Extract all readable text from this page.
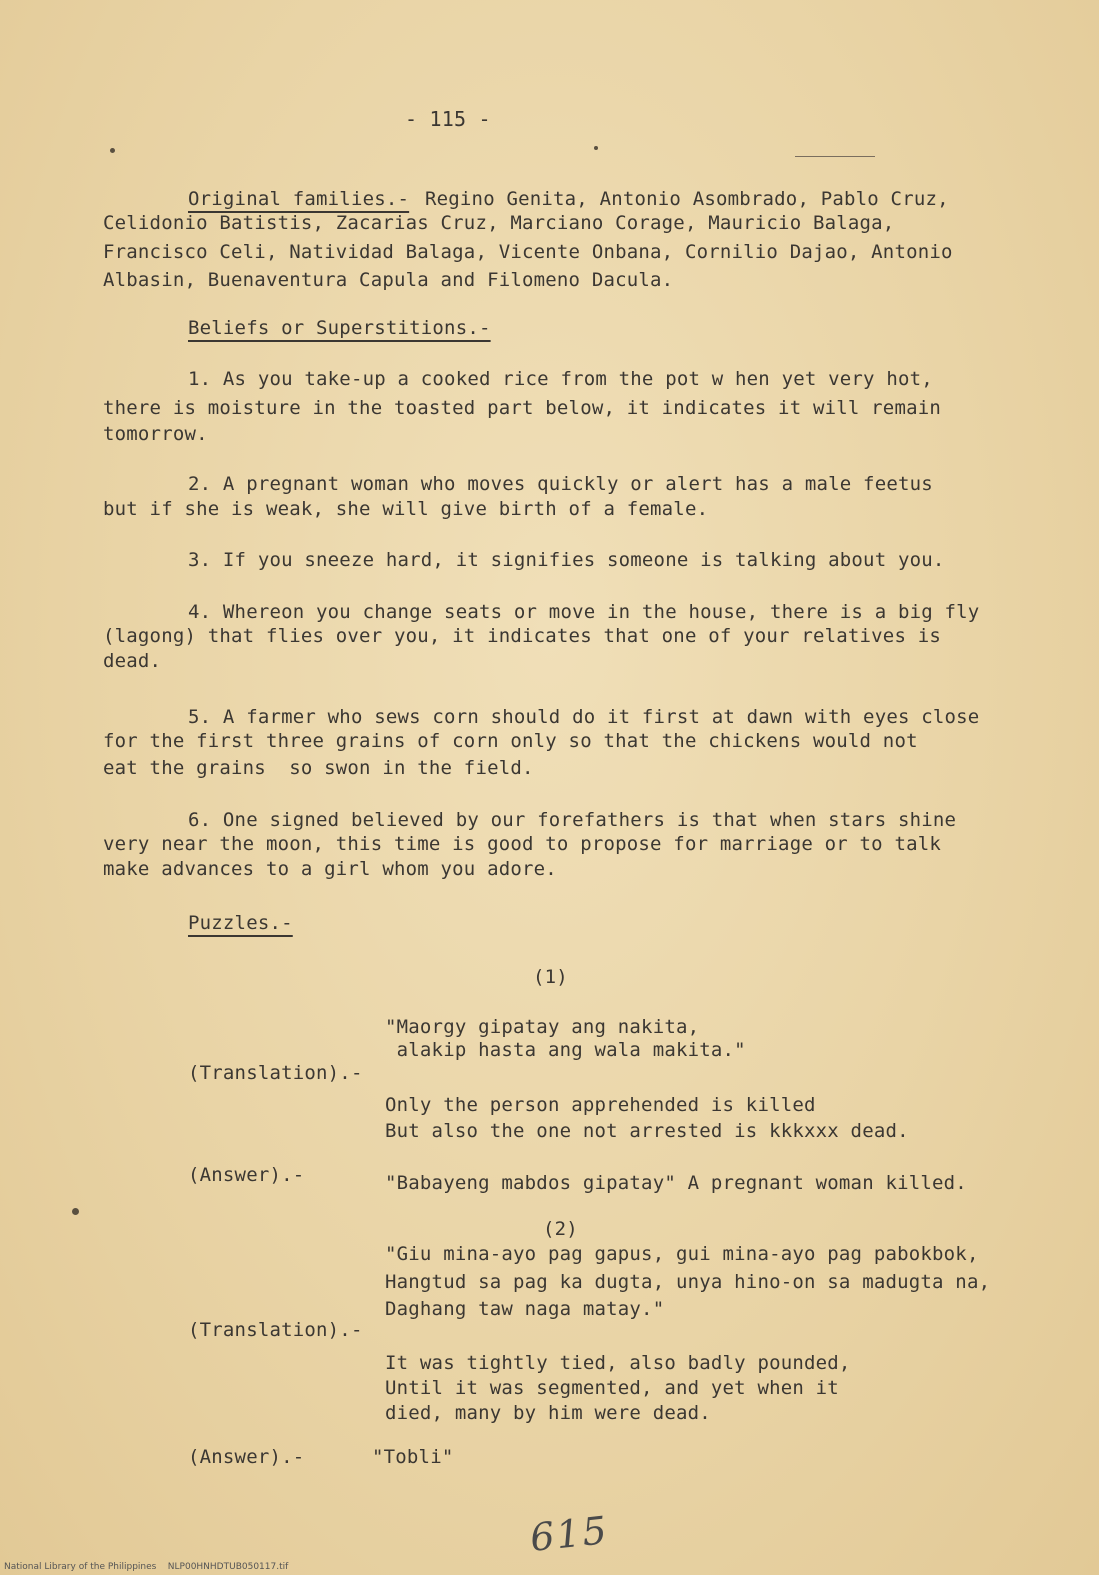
- 115 -
Original families.- Regino Genita, Antonio Asombrado, Pablo Cruz,
Celidonio Batistis, Zacarias Cruz, Marciano Corage, Mauricio Balaga,
Francisco Celi, Natividad Balaga, Vicente Onbana, Cornilio Dajao, Antonio
Albasin, Buenaventura Capula and Filomeno Dacula.
Beliefs or Superstitions.-
1. As you take-up a cooked rice from the pot w hen yet very hot,
there is moisture in the toasted part below, it indicates it will remain
tomorrow.
2. A pregnant woman who moves quickly or alert has a male feetus
but if she is weak, she will give birth of a female.
3. If you sneeze hard, it signifies someone is talking about you.
4. Whereon you change seats or move in the house, there is a big fly
(lagong) that flies over you, it indicates that one of your relatives is
dead.
5. A farmer who sews corn should do it first at dawn with eyes close
for the first three grains of corn only so that the chickens would not
eat the grains  so swon in the field.
6. One signed believed by our forefathers is that when stars shine
very near the moon, this time is good to propose for marriage or to talk
make advances to a girl whom you adore.
Puzzles.-
(1)
"Maorgy gipatay ang nakita,
alakip hasta ang wala makita."
(Translation).-
Only the person apprehended is killed
But also the one not arrested is kkkxxx dead.
(Answer).-	"Babayeng mabdos gipatay" A pregnant woman killed.
(2)
"Giu mina-ayo pag gapus, gui mina-ayo pag pabokbok,
Hangtud sa pag ka dugta, unya hino-on sa madugta na,
Daghang taw naga matay."
(Translation).-
It was tightly tied, also badly pounded,
Until it was segmented, and yet when it
died, many by him were dead.
(Answer).-	"Tobli"
615
National Library of the Philippines    NLP00HNHDTUB050117.tif
